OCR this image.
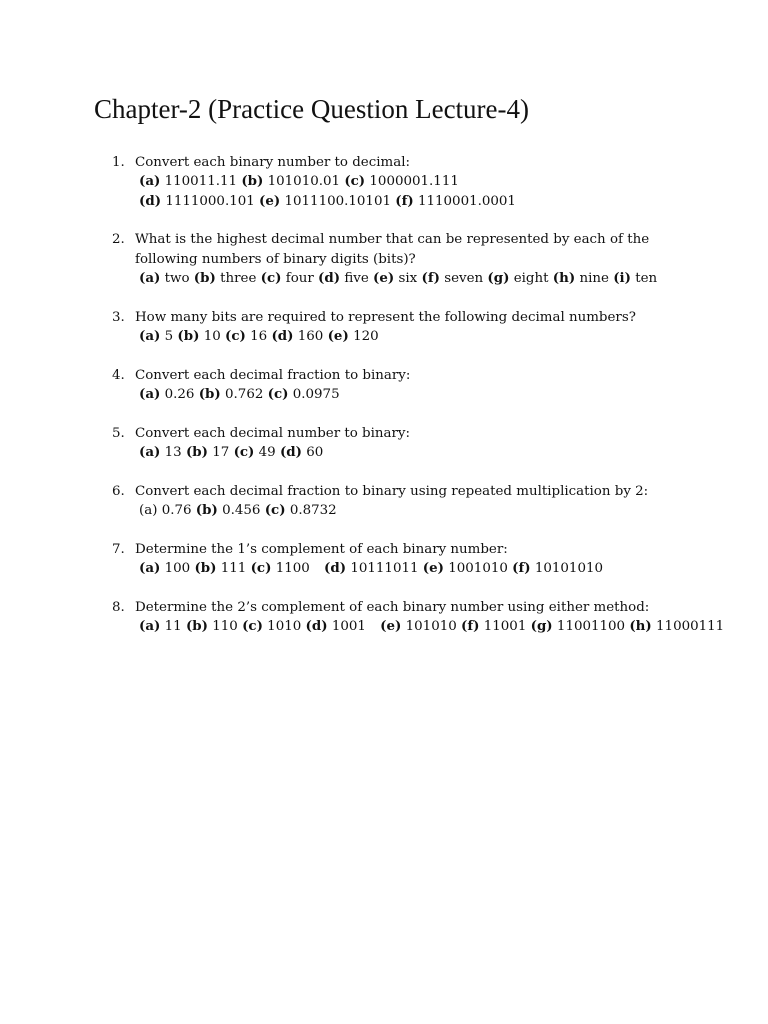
Chapter-2 (Practice Question Lecture-4)
1. Convert each binary number to decimal:
(a) 110011.11 (b) 101010.01 (c) 1000001.111
(d) 1111000.101 (e) 1011100.10101 (f) 1110001.0001
2. What is the highest decimal number that can be represented by each of the
following numbers of binary digits (bits)?
(a) two (b) three (c) four (d) five (e) six (f) seven (g) eight (h) nine (i) ten
3. How many bits are required to represent the following decimal numbers?
(a) 5 (b) 10 (c) 16 (d) 160 (e) 120
4. Convert each decimal fraction to binary:
(a) 0.26 (b) 0.762 (c) 0.0975
5. Convert each decimal number to binary:
(a) 13 (b) 17 (c) 49 (d) 60
6. Convert each decimal fraction to binary using repeated multiplication by 2:
(a) 0.76 (b) 0.456 (c) 0.8732
7. Determine the 1’s complement of each binary number:
(a) 100 (b) 111 (c) 1100 (d) 10111011 (e) 1001010 (f) 10101010
8. Determine the 2’s complement of each binary number using either method:
(a) 11 (b) 110 (c) 1010 (d) 1001 (e) 101010 (f) 11001 (g) 11001100 (h) 11000111
